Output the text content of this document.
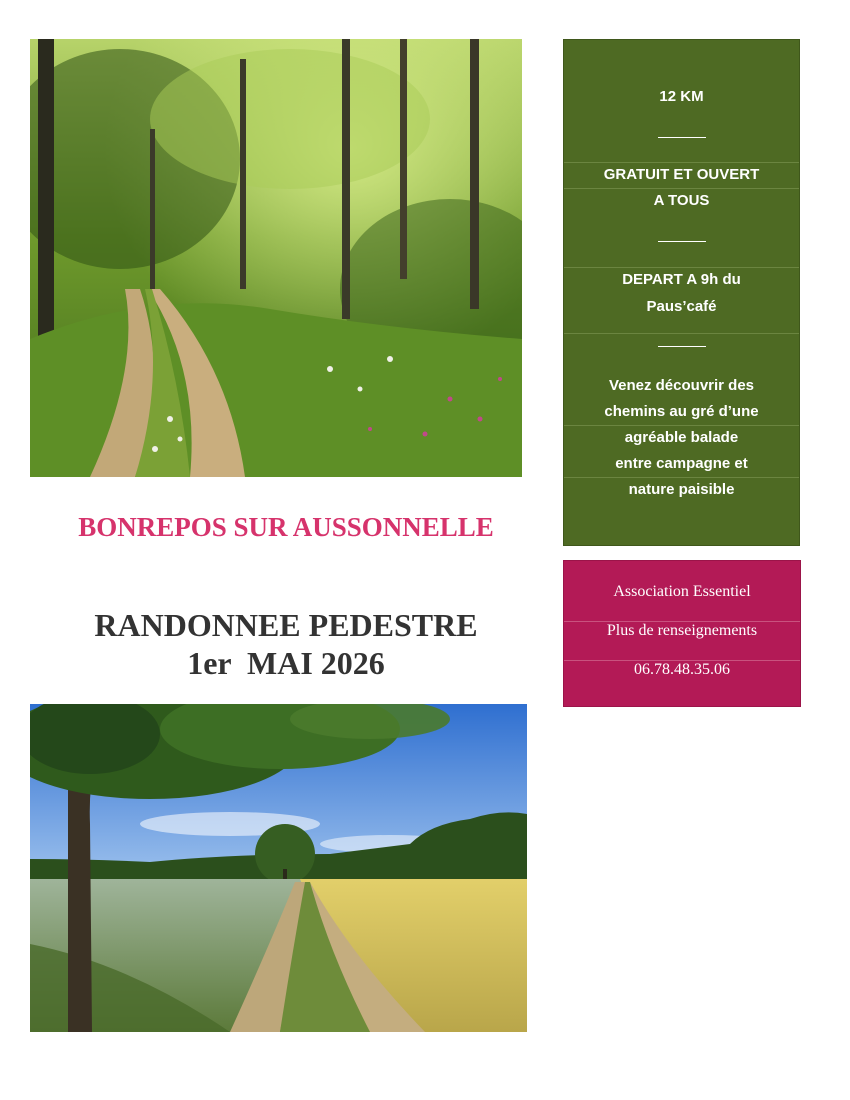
12 KM
GRATUIT ET OUVERT
A TOUS
DEPART A 9h du
Paus’café
Venez découvrir des
chemins au gré d’une
agréable balade
entre campagne et
nature paisible
BONREPOS SUR AUSSONNELLE
RANDONNEE PEDESTRE
1er  MAI 2026
Association Essentiel
Plus de renseignements
06.78.48.35.06
